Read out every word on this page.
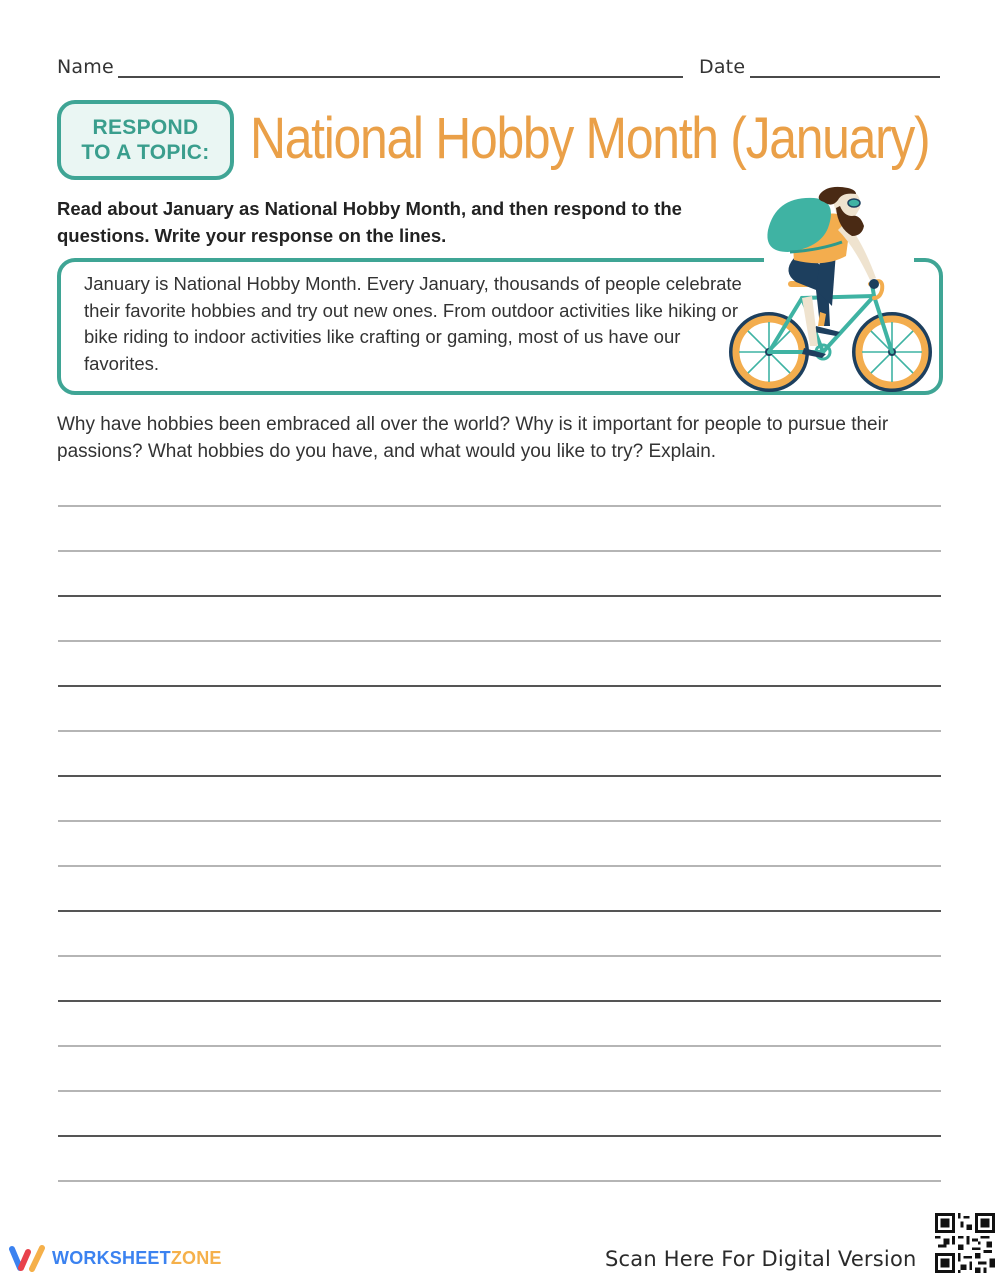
Name	Date
RESPOND
TO A TOPIC: National Hobby Month (January)
Read about January as National Hobby Month, and then respond to the questions. Write your response on the lines.
January is National Hobby Month. Every January, thousands of people celebrate their favorite hobbies and try out new ones. From outdoor activities like hiking or bike riding to indoor activities like crafting or gaming, most of us have our favorites.
Why have hobbies been embraced all over the world? Why is it important for people to pursue their passions? What hobbies do you have, and what would you like to try? Explain.
WORKSHEETZONE	Scan Here For Digital Version
